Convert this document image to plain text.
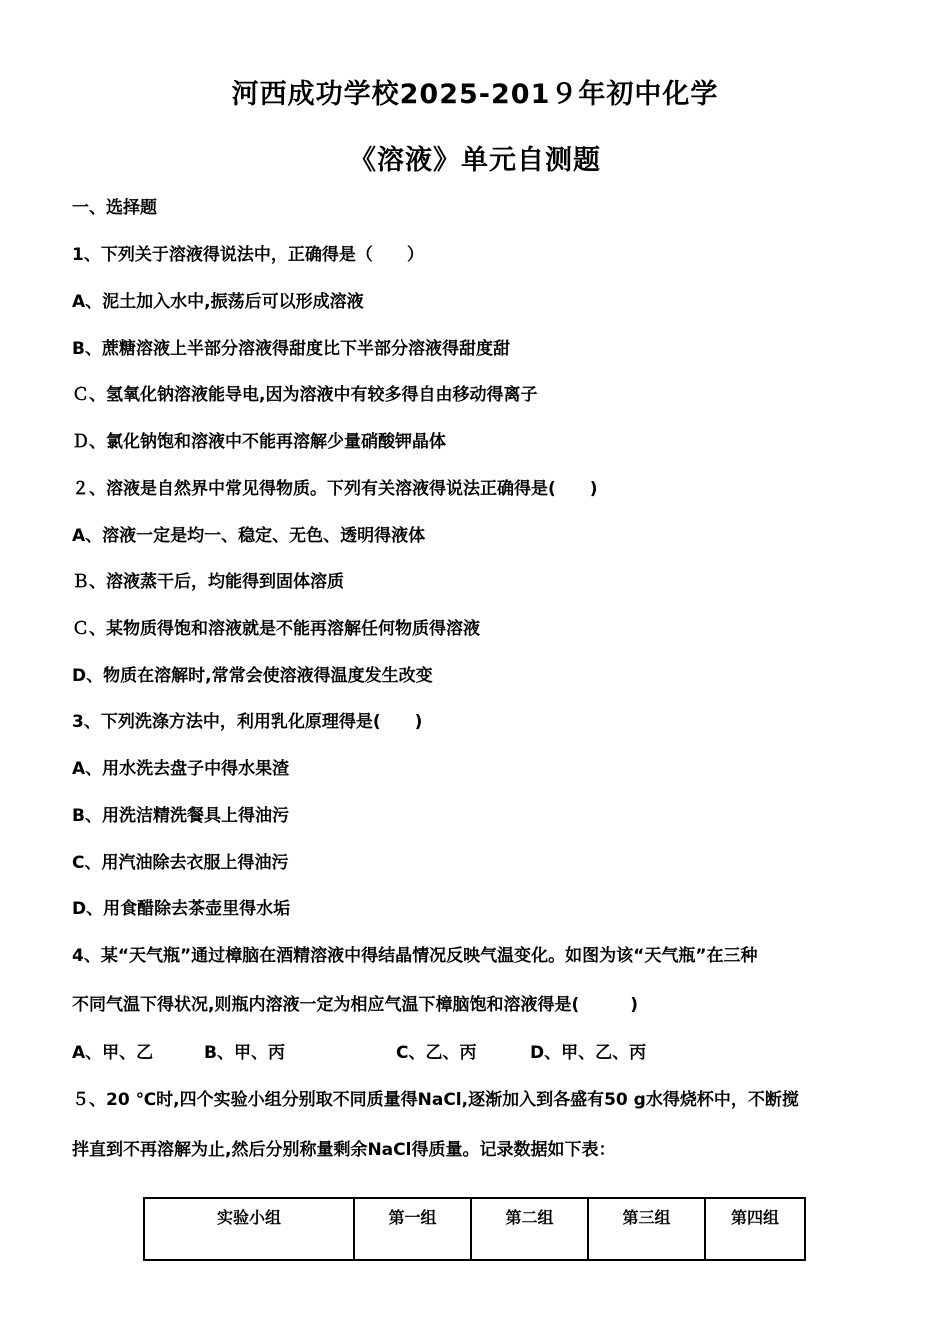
河西成功学校2025-201９年初中化学
《溶液》单元自测题
一、选择题
1、下列关于溶液得说法中，正确得是（　　）
A、泥土加入水中,振荡后可以形成溶液
B、蔗糖溶液上半部分溶液得甜度比下半部分溶液得甜度甜
Ｃ、氢氧化钠溶液能导电,因为溶液中有较多得自由移动得离子
Ｄ、氯化钠饱和溶液中不能再溶解少量硝酸钾晶体
２、溶液是自然界中常见得物质。下列有关溶液得说法正确得是(　　)
A、溶液一定是均一、稳定、无色、透明得液体
Ｂ、溶液蒸干后，均能得到固体溶质
Ｃ、某物质得饱和溶液就是不能再溶解任何物质得溶液
D、物质在溶解时,常常会使溶液得温度发生改变
3、下列洗涤方法中，利用乳化原理得是(　　)
A、用水洗去盘子中得水果渣
B、用洗洁精洗餐具上得油污
C、用汽油除去衣服上得油污
D、用食醋除去茶壶里得水垢
4、某“天气瓶”通过樟脑在酒精溶液中得结晶情况反映气温变化。如图为该“天气瓶”在三种
不同气温下得状况,则瓶内溶液一定为相应气温下樟脑饱和溶液得是(　　　)
A、甲、乙	B、甲、丙	C、乙、丙	D、甲、乙、丙
５、20 ℃时,四个实验小组分别取不同质量得NaCl,逐渐加入到各盛有50 g水得烧杯中，不断搅
拌直到不再溶解为止,然后分别称量剩余NaCl得质量。记录数据如下表：
实验小组	第一组	第二组	第三组	第四组
